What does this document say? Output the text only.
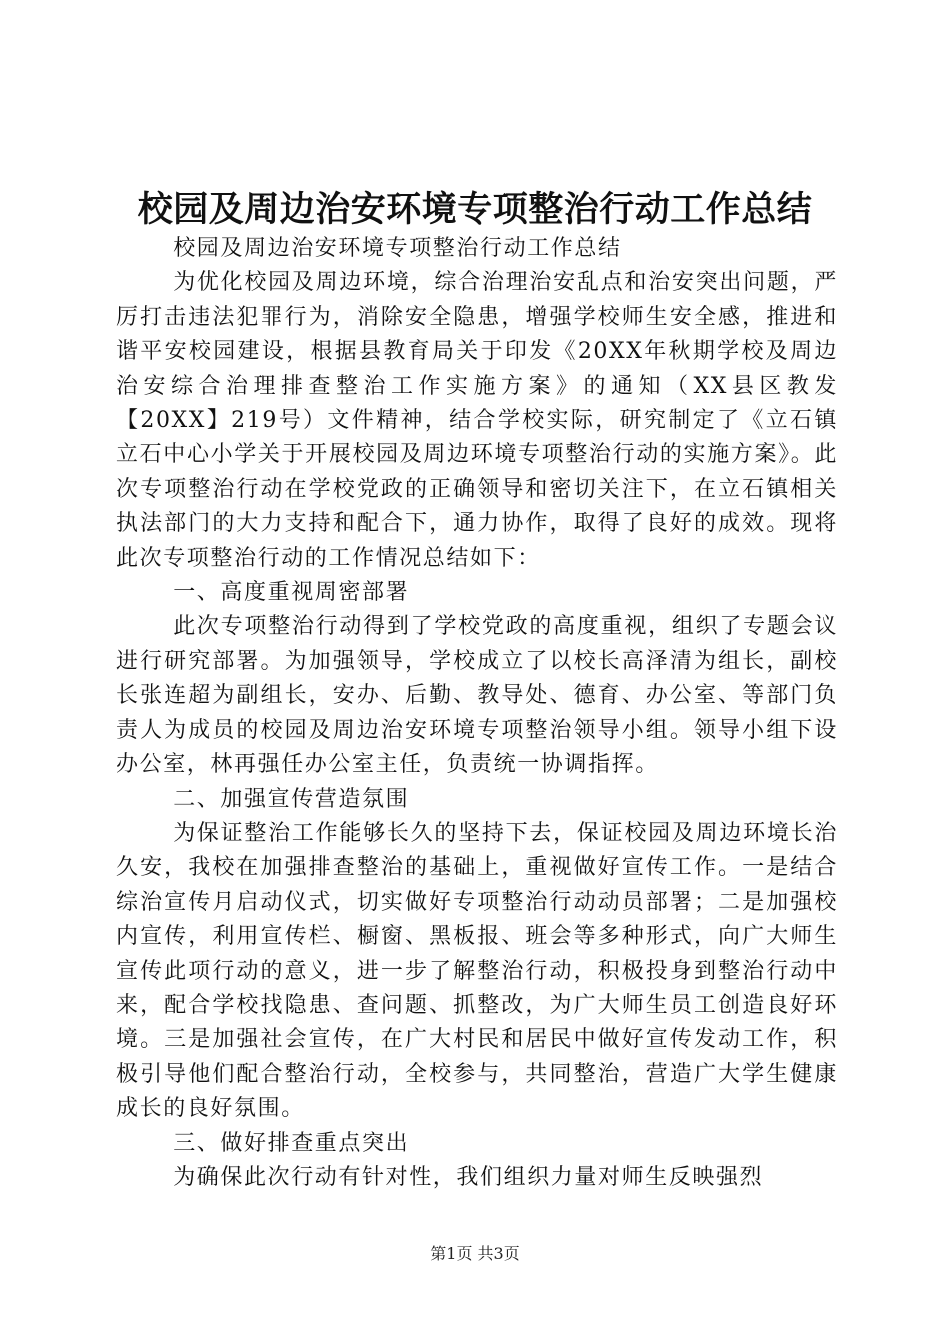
校园及周边治安环境专项整治行动工作总结

校园及周边治安环境专项整治行动工作总结

为优化校园及周边环境，综合治理治安乱点和治安突出问题，严厉打击违法犯罪行为，消除安全隐患，增强学校师生安全感，推进和谐平安校园建设，根据县教育局关于印发《20XX年秋期学校及周边治安综合治理排查整治工作实施方案》的通知（XX县区教发【20XX】219号）文件精神，结合学校实际，研究制定了《立石镇立石中心小学关于开展校园及周边环境专项整治行动的实施方案》。此次专项整治行动在学校党政的正确领导和密切关注下，在立石镇相关执法部门的大力支持和配合下，通力协作，取得了良好的成效。现将此次专项整治行动的工作情况总结如下：

一、高度重视周密部署

此次专项整治行动得到了学校党政的高度重视，组织了专题会议进行研究部署。为加强领导，学校成立了以校长高泽清为组长，副校长张连超为副组长，安办、后勤、教导处、德育、办公室、等部门负责人为成员的校园及周边治安环境专项整治领导小组。领导小组下设办公室，林再强任办公室主任，负责统一协调指挥。

二、加强宣传营造氛围

为保证整治工作能够长久的坚持下去，保证校园及周边环境长治久安，我校在加强排查整治的基础上，重视做好宣传工作。一是结合综治宣传月启动仪式，切实做好专项整治行动动员部署；二是加强校内宣传，利用宣传栏、橱窗、黑板报、班会等多种形式，向广大师生宣传此项行动的意义，进一步了解整治行动，积极投身到整治行动中来，配合学校找隐患、查问题、抓整改，为广大师生员工创造良好环境。三是加强社会宣传，在广大村民和居民中做好宣传发动工作，积极引导他们配合整治行动，全校参与，共同整治，营造广大学生健康成长的良好氛围。

三、做好排查重点突出

为确保此次行动有针对性，我们组织力量对师生反映强烈

第1页 共3页
